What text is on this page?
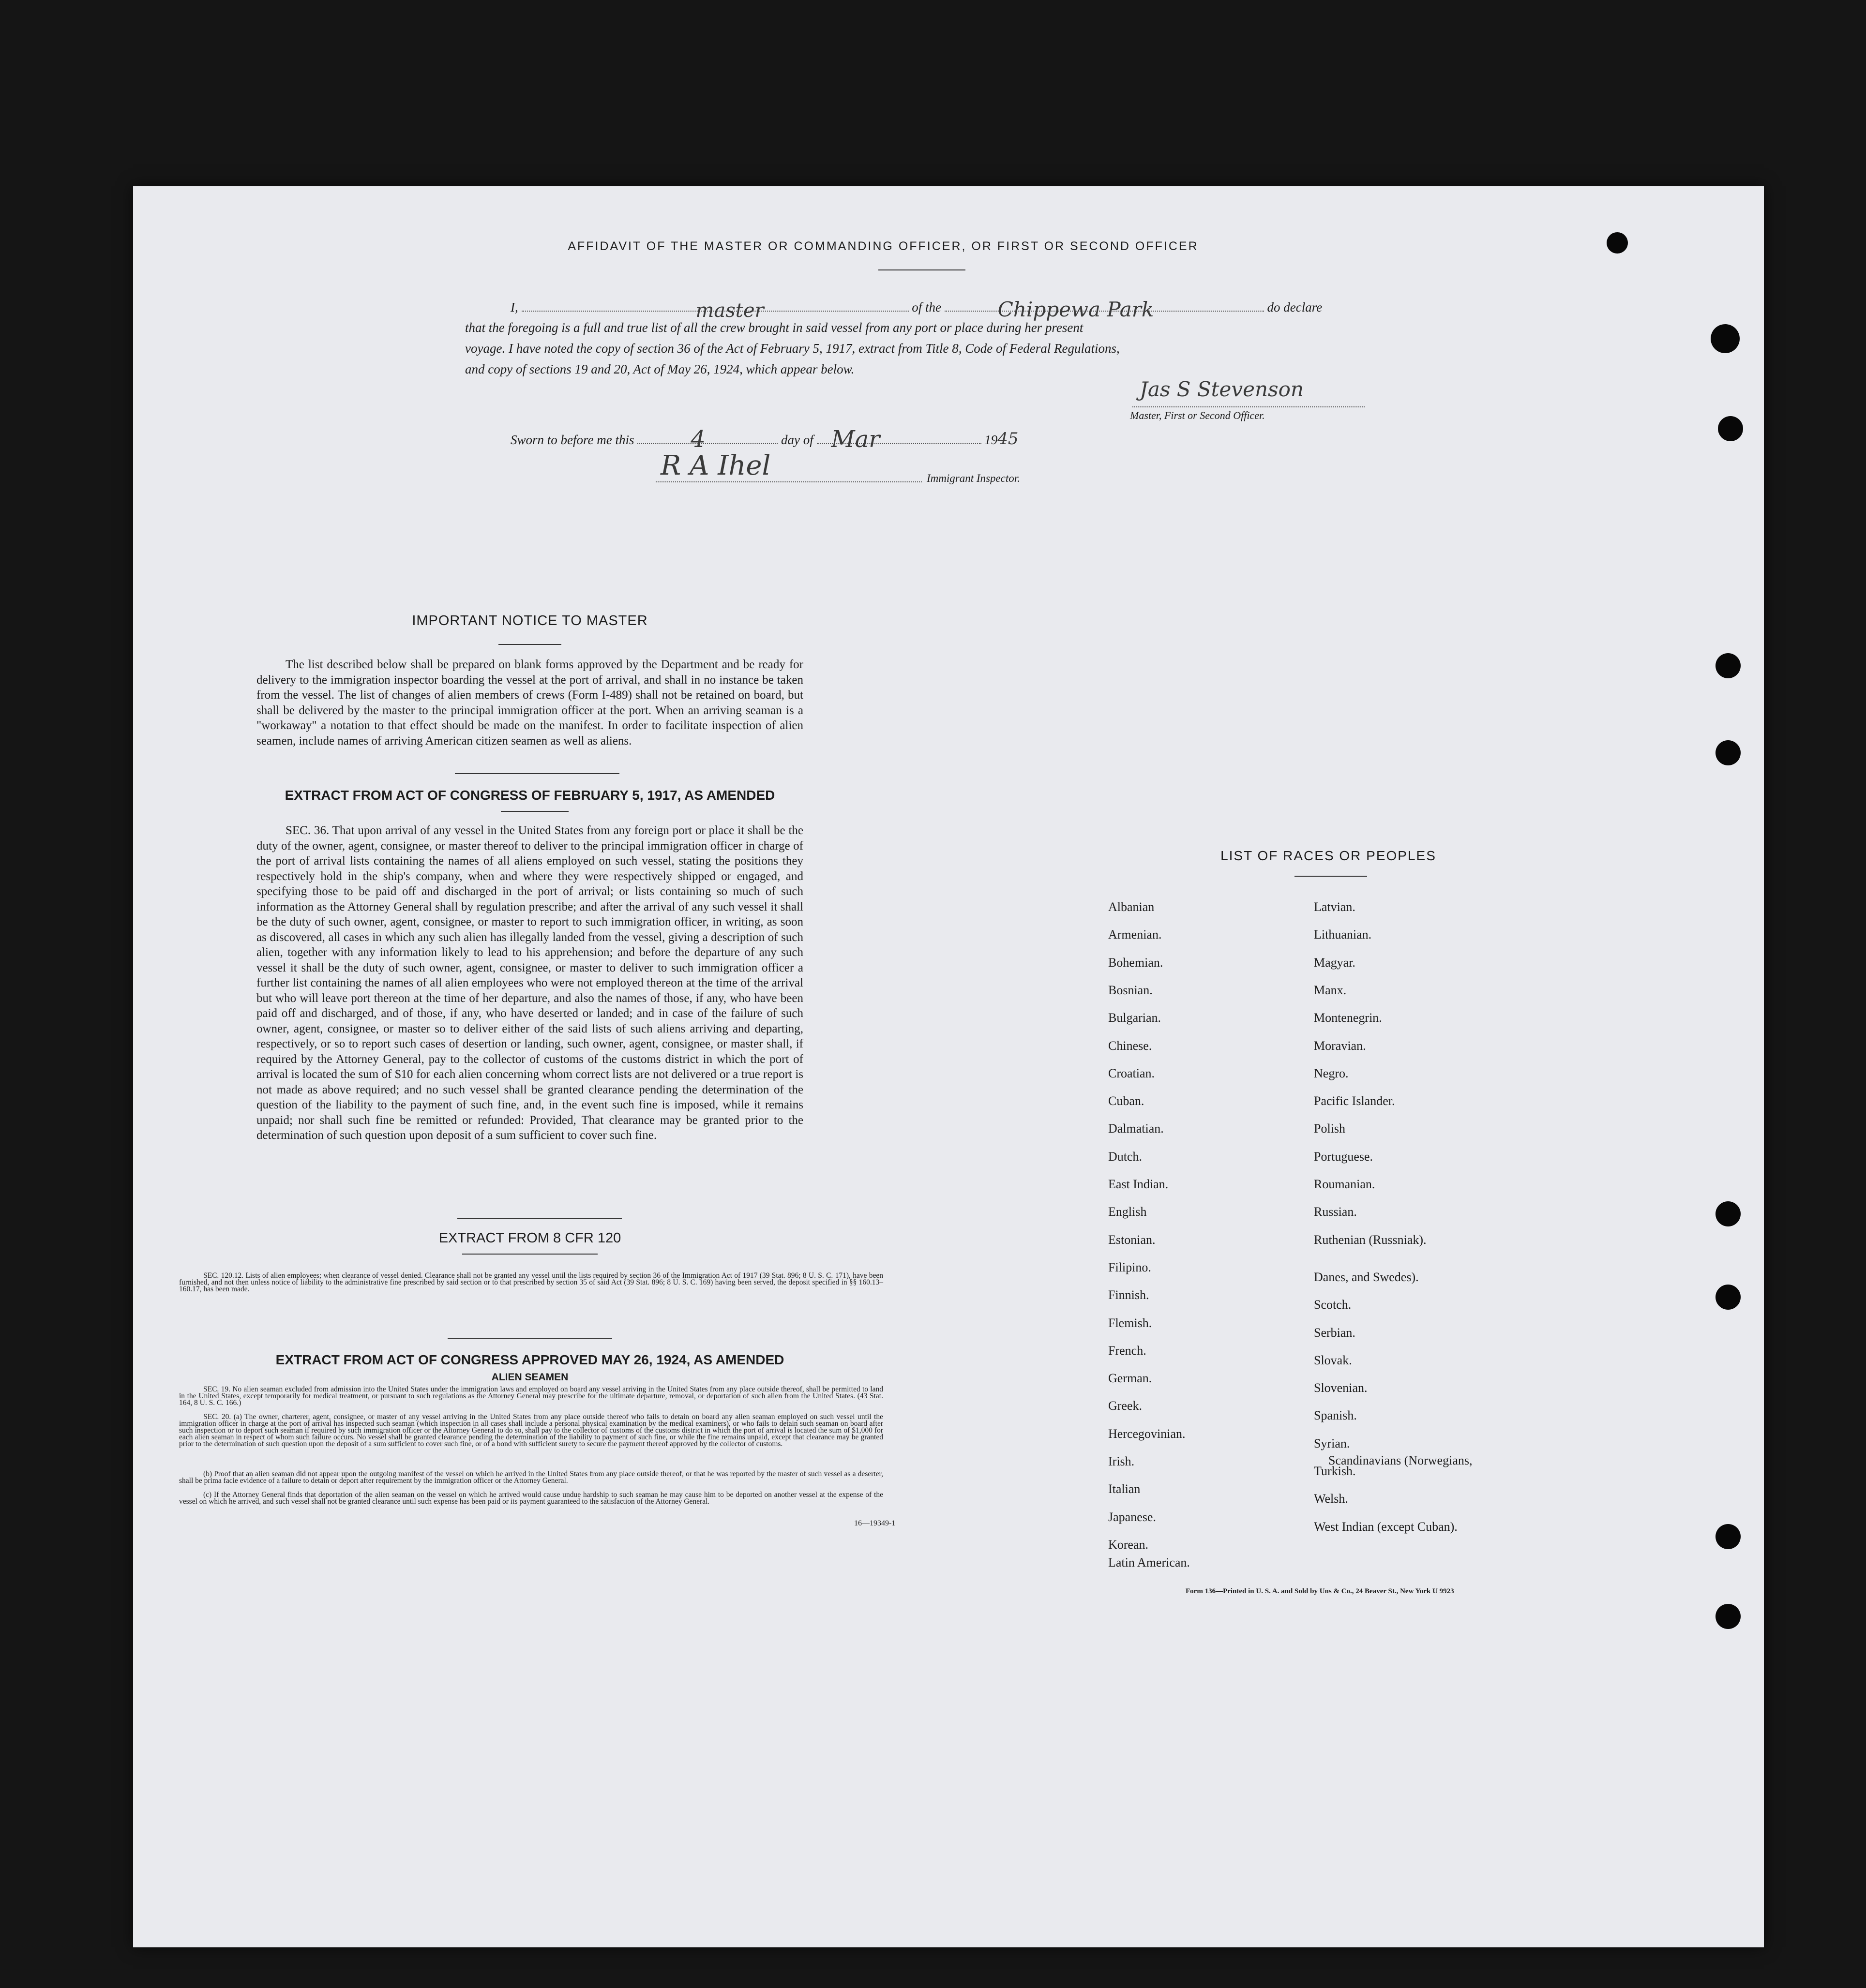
AFFIDAVIT OF THE MASTER OR COMMANDING OFFICER, OR FIRST OR SECOND OFFICER
I,	master	of the	Chippewa Park	do declare
that the foregoing is a full and true list of all the crew brought in said vessel from any port or place during her present
voyage. I have noted the copy of section 36 of the Act of February 5, 1917, extract from Title 8, Code of Federal Regulations,
and copy of sections 19 and 20, Act of May 26, 1924, which appear below.
Jas S Stevenson
Master, First or Second Officer.
Sworn to before me this 4	day of Mar	1945
R A Ihel	Immigrant Inspector.
IMPORTANT NOTICE TO MASTER
The list described below shall be prepared on blank forms approved by the Department and be ready for delivery to the immigration inspector boarding the vessel at the port of arrival, and shall in no instance be taken from the vessel. The list of changes of alien members of crews (Form I-489) shall not be retained on board, but shall be delivered by the master to the principal immigration officer at the port. When an arriving seaman is a "workaway" a notation to that effect should be made on the manifest. In order to facilitate inspection of alien seamen, include names of arriving American citizen seamen as well as aliens.
EXTRACT FROM ACT OF CONGRESS OF FEBRUARY 5, 1917, AS AMENDED
SEC. 36. That upon arrival of any vessel in the United States from any foreign port or place it shall be the duty of the owner, agent, consignee, or master thereof to deliver to the principal immigration officer in charge of the port of arrival lists containing the names of all aliens employed on such vessel, stating the positions they respectively hold in the ship's company, when and where they were respectively shipped or engaged, and specifying those to be paid off and discharged in the port of arrival; or lists containing so much of such information as the Attorney General shall by regulation prescribe; and after the arrival of any such vessel it shall be the duty of such owner, agent, consignee, or master to report to such immigration officer, in writing, as soon as discovered, all cases in which any such alien has illegally landed from the vessel, giving a description of such alien, together with any information likely to lead to his apprehension; and before the departure of any such vessel it shall be the duty of such owner, agent, consignee, or master to deliver to such immigration officer a further list containing the names of all alien employees who were not employed thereon at the time of the arrival but who will leave port thereon at the time of her departure, and also the names of those, if any, who have been paid off and discharged, and of those, if any, who have deserted or landed; and in case of the failure of such owner, agent, consignee, or master so to deliver either of the said lists of such aliens arriving and departing, respectively, or so to report such cases of desertion or landing, such owner, agent, consignee, or master shall, if required by the Attorney General, pay to the collector of customs of the customs district in which the port of arrival is located the sum of $10 for each alien concerning whom correct lists are not delivered or a true report is not made as above required; and no such vessel shall be granted clearance pending the determination of the question of the liability to the payment of such fine, and, in the event such fine is imposed, while it remains unpaid; nor shall such fine be remitted or refunded: Provided, That clearance may be granted prior to the determination of such question upon deposit of a sum sufficient to cover such fine.
EXTRACT FROM 8 CFR 120
SEC. 120.12. Lists of alien employees; when clearance of vessel denied. Clearance shall not be granted any vessel until the lists required by section 36 of the Immigration Act of 1917 (39 Stat. 896; 8 U. S. C. 171), have been furnished, and not then unless notice of liability to the administrative fine prescribed by said section or to that prescribed by section 35 of said Act (39 Stat. 896; 8 U. S. C. 169) having been served, the deposit specified in §§ 160.13–160.17, has been made.
EXTRACT FROM ACT OF CONGRESS APPROVED MAY 26, 1924, AS AMENDED
ALIEN SEAMEN
SEC. 19. No alien seaman excluded from admission into the United States under the immigration laws and employed on board any vessel arriving in the United States from any place outside thereof, shall be permitted to land in the United States, except temporarily for medical treatment, or pursuant to such regulations as the Attorney General may prescribe for the ultimate departure, removal, or deportation of such alien from the United States. (43 Stat. 164, 8 U. S. C. 166.)
SEC. 20. (a) The owner, charterer, agent, consignee, or master of any vessel arriving in the United States from any place outside thereof who fails to detain on board any alien seaman employed on such vessel until the immigration officer in charge at the port of arrival has inspected such seaman (which inspection in all cases shall include a personal physical examination by the medical examiners), or who fails to detain such seaman on board after such inspection or to deport such seaman if required by such immigration officer or the Attorney General to do so, shall pay to the collector of customs of the customs district in which the port of arrival is located the sum of $1,000 for each alien seaman in respect of whom such failure occurs. No vessel shall be granted clearance pending the determination of the liability to payment of such fine, or while the fine remains unpaid, except that clearance may be granted prior to the determination of such question upon the deposit of a sum sufficient to cover such fine, or of a bond with sufficient surety to secure the payment thereof approved by the collector of customs.
(b) Proof that an alien seaman did not appear upon the outgoing manifest of the vessel on which he arrived in the United States from any place outside thereof, or that he was reported by the master of such vessel as a deserter, shall be prima facie evidence of a failure to detain or deport after requirement by the immigration officer or the Attorney General.
(c) If the Attorney General finds that deportation of the alien seaman on the vessel on which he arrived would cause undue hardship to such seaman he may cause him to be deported on another vessel at the expense of the vessel on which he arrived, and such vessel shall not be granted clearance until such expense has been paid or its payment guaranteed to the satisfaction of the Attorney General.
16—19349-1
LIST OF RACES OR PEOPLES
Form 136—Printed in U. S. A. and Sold by Uns & Co., 24 Beaver St., New York U 9923
Albanian
Armenian.
Bohemian.
Bosnian.
Bulgarian.
Chinese.
Croatian.
Cuban.
Dalmatian.
Dutch.
East Indian.
English
Estonian.
Filipino.
Finnish.
Flemish.
French.
German.
Greek.
Hercegovinian.
Irish.
Italian
Japanese.
Korean.
Latin American.
Latvian.
Lithuanian.
Magyar.
Manx.
Montenegrin.
Moravian.
Negro.
Pacific Islander.
Polish
Portuguese.
Roumanian.
Russian.
Ruthenian (Russniak).
Scandinavians (Norwegians,
Danes, and Swedes).
Scotch.
Serbian.
Slovak.
Slovenian.
Spanish.
Syrian.
Turkish.
Welsh.
West Indian (except Cuban).
